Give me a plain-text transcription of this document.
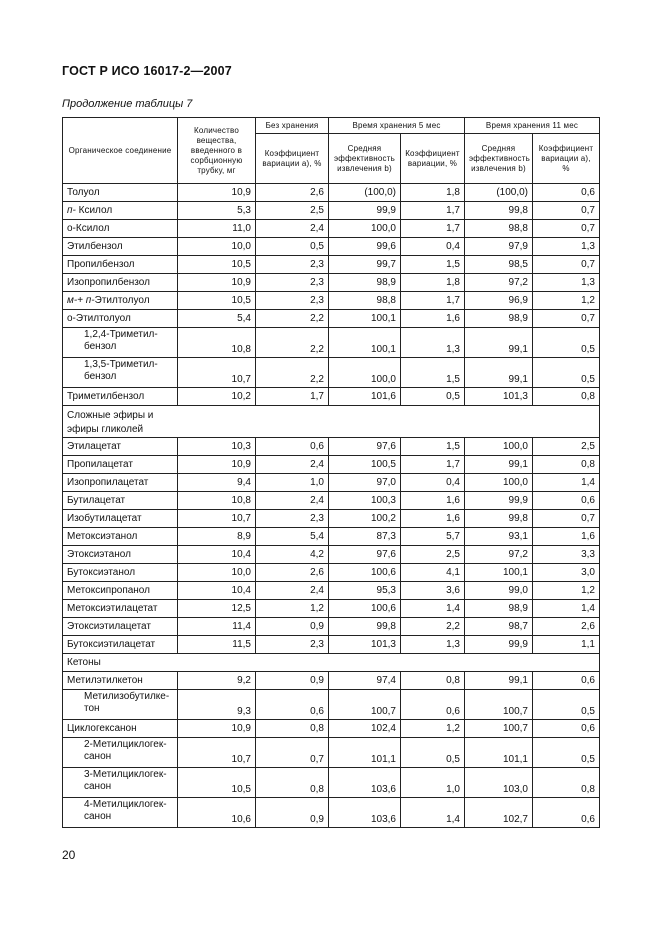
ГОСТ Р ИСО 16017-2—2007
Продолжение таблицы 7
Органическое соединение	Количество вещества, введенного в сорбционную трубку, мг	Без хранения	Время хранения 5 мес		Время хранения 11 мес	
		Коэффициент вариации а), %	Средняя эффективность извлечения b)	Коэффициент вариации, %	Средняя эффективность извлечения b)	Коэффициент вариации а), %
Толуол	10,9	2,6	(100,0)	1,8	(100,0)	0,6
п- Ксилол	5,3	2,5	99,9	1,7	99,8	0,7
о-Ксилол	11,0	2,4	100,0	1,7	98,8	0,7
Этилбензол	10,0	0,5	99,6	0,4	97,9	1,3
Пропилбензол	10,5	2,3	99,7	1,5	98,5	0,7
Изопропилбензол	10,9	2,3	98,9	1,8	97,2	1,3
м-+ п-Этилтолуол	10,5	2,3	98,8	1,7	96,9	1,2
о-Этилтолуол	5,4	2,2	100,1	1,6	98,9	0,7

1,2,4-Триметил-
бензол	10,8	2,2	100,1	1,3	99,1	0,5

1,3,5-Триметил-
бензол	10,7	2,2	100,0	1,5	99,1	0,5
Триметилбензол	10,2	1,7	101,6	0,5	101,3	0,8

Сложные эфиры и
эфиры гликолей						

Этилацетат	10,3	0,6	97,6	1,5	100,0	2,5
Пропилацетат	10,9	2,4	100,5	1,7	99,1	0,8
Изопропилацетат	9,4	1,0	97,0	0,4	100,0	1,4
Бутилацетат	10,8	2,4	100,3	1,6	99,9	0,6
Изобутилацетат	10,7	2,3	100,2	1,6	99,8	0,7
Метоксиэтанол	8,9	5,4	87,3	5,7	93,1	1,6
Этоксиэтанол	10,4	4,2	97,6	2,5	97,2	3,3
Бутоксиэтанол	10,0	2,6	100,6	4,1	100,1	3,0
Метоксипропанол	10,4	2,4	95,3	3,6	99,0	1,2
Метоксиэтилацетат	12,5	1,2	100,6	1,4	98,9	1,4
Этоксиэтилацетат	11,4	0,9	99,8	2,2	98,7	2,6
Бутоксиэтилацетат	11,5	2,3	101,3	1,3	99,9	1,1
Кетоны						
Метилэтилкетон	9,2	0,9	97,4	0,8	99,1	0,6

Метилизобутилке-
тон	9,3	0,6	100,7	0,6	100,7	0,5
Циклогексанон	10,9	0,8	102,4	1,2	100,7	0,6

2-Метилциклогек-
санон	10,7	0,7	101,1	0,5	101,1	0,5

3-Метилциклогек-
санон	10,5	0,8	103,6	1,0	103,0	0,8

4-Метилциклогек-
санон	10,6	0,9	103,6	1,4	102,7	0,6
20
